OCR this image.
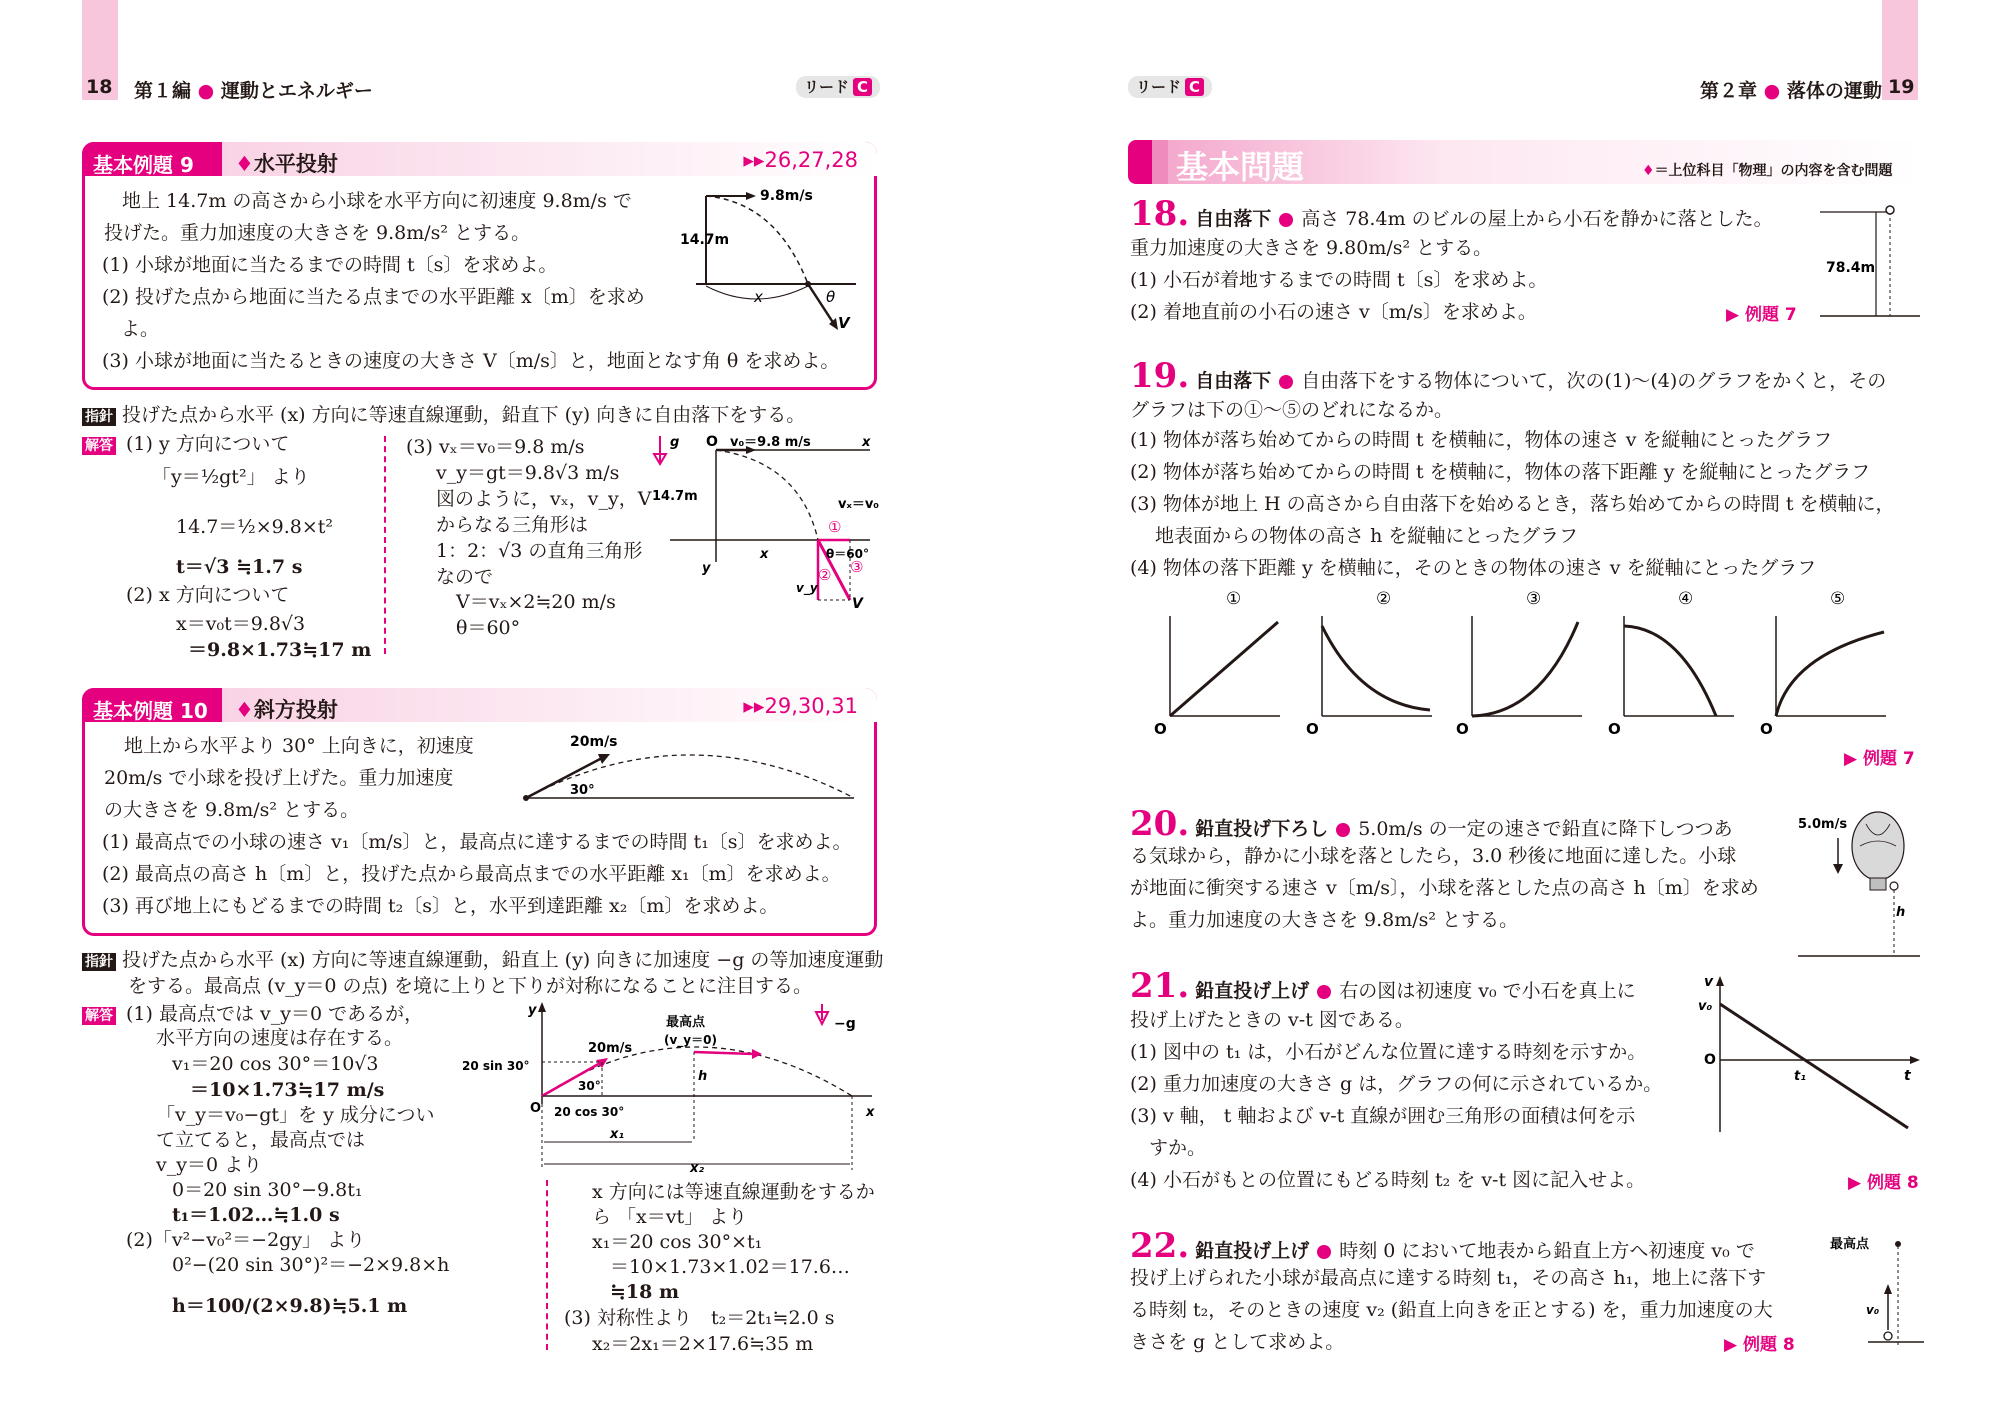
18 第１編 ● 運動とエネルギー	リード C
基本例題 9 ♦水平投射	▸▸26,27,28
地上 14.7m の高さから小球を水平方向に初速度 9.8m/s で
投げた。重力加速度の大きさを 9.8m/s² とする。
(1) 小球が地面に当たるまでの時間 t〔s〕を求めよ。
(2) 投げた点から地面に当たる点までの水平距離 x〔m〕を求め
　よ。
(3) 小球が地面に当たるときの速度の大きさ V〔m/s〕と，地面となす角 θ を求めよ。
9.8m/s
14.7m
x	θ
V
指針 投げた点から水平 (x) 方向に等速直線運動，鉛直下 (y) 向きに自由落下をする。
解答 (1) y 方向について
「y＝½gt²」 より
14.7＝½×9.8×t²
t＝√3 ≒1.7 s
(2) x 方向について
x＝v₀t＝9.8√3
＝9.8×1.73≒17 m
(3) vₓ＝v₀＝9.8 m/s
v_y＝gt＝9.8√3 m/s
図のように，vₓ，v_y，V
からなる三角形は
1：2：√3 の直角三角形
なので
V＝vₓ×2≒20 m/s
θ＝60°
g O v₀＝9.8 m/s	x
14.7m
y
x
vₓ＝v₀
①
② ③
θ＝60°
v_y
V
基本例題 10 ♦斜方投射	▸▸29,30,31
地上から水平より 30° 上向きに，初速度
20m/s で小球を投げ上げた。重力加速度
の大きさを 9.8m/s² とする。
(1) 最高点での小球の速さ v₁〔m/s〕と，最高点に達するまでの時間 t₁〔s〕を求めよ。
(2) 最高点の高さ h〔m〕と，投げた点から最高点までの水平距離 x₁〔m〕を求めよ。
(3) 再び地上にもどるまでの時間 t₂〔s〕と，水平到達距離 x₂〔m〕を求めよ。
20m/s
30°
指針 投げた点から水平 (x) 方向に等速直線運動，鉛直上 (y) 向きに加速度 −g の等加速度運動
をする。最高点 (v_y＝0 の点) を境に上りと下りが対称になることに注目する。
解答 (1) 最高点では v_y＝0 であるが，
水平方向の速度は存在する。
v₁＝20 cos 30°＝10√3
＝10×1.73≒17 m/s
「v_y＝v₀−gt」を y 成分につい
て立てると，最高点では
v_y＝0 より
0＝20 sin 30°−9.8t₁
t₁＝1.02…≒1.0 s
(2)「v²−v₀²＝−2gy」 より
0²−(20 sin 30°)²＝−2×9.8×h
h＝100/(2×9.8)≒5.1 m
x 方向には等速直線運動をするか
ら 「x＝vt」 より
x₁＝20 cos 30°×t₁
＝10×1.73×1.02＝17.6…
≒18 m
(3) 対称性より　t₂＝2t₁≒2.0 s
x₂＝2x₁＝2×17.6≒35 m
y
x
O
最高点
(v_y＝0)
−g
20m/s
20 sin 30°
20 cos 30°
30°
h
x₁
x₂
リード C	第２章 ● 落体の運動 19
基本問題	♦＝上位科目「物理」の内容を含む問題
18. 自由落下 高さ 78.4m のビルの屋上から小石を静かに落とした。
重力加速度の大きさを 9.80m/s² とする。
(1) 小石が着地するまでの時間 t〔s〕を求めよ。
(2) 着地直前の小石の速さ v〔m/s〕を求めよ。	▶ 例題 7
78.4m
19. 自由落下 自由落下をする物体について，次の(1)～(4)のグラフをかくと，その
グラフは下の①～⑤のどれになるか。
(1) 物体が落ち始めてからの時間 t を横軸に，物体の速さ v を縦軸にとったグラフ
(2) 物体が落ち始めてからの時間 t を横軸に，物体の落下距離 y を縦軸にとったグラフ
(3) 物体が地上 H の高さから自由落下を始めるとき，落ち始めてからの時間 t を横軸に，
　 地表面からの物体の高さ h を縦軸にとったグラフ
(4) 物体の落下距離 y を横軸に，そのときの物体の速さ v を縦軸にとったグラフ
①
O
②
O
③
O
④
O
⑤
O
▶ 例題 7
20. 鉛直投げ下ろし 5.0m/s の一定の速さで鉛直に降下しつつあ
る気球から，静かに小球を落としたら，3.0 秒後に地面に達した。小球
が地面に衝突する速さ v〔m/s〕，小球を落とした点の高さ h〔m〕を求め
よ。重力加速度の大きさを 9.8m/s² とする。
5.0m/s
h
21. 鉛直投げ上げ 右の図は初速度 v₀ で小石を真上に
投げ上げたときの v-t 図である。
(1) 図中の t₁ は，小石がどんな位置に達する時刻を示すか。
(2) 重力加速度の大きさ g は，グラフの何に示されているか。
(3) v 軸， t 軸および v-t 直線が囲む三角形の面積は何を示
　すか。
(4) 小石がもとの位置にもどる時刻 t₂ を v-t 図に記入せよ。	▶ 例題 8
v
v₀
O
t₁	t
22. 鉛直投げ上げ 時刻 0 において地表から鉛直上方へ初速度 v₀ で
投げ上げられた小球が最高点に達する時刻 t₁，その高さ h₁，地上に落下す
る時刻 t₂，そのときの速度 v₂ (鉛直上向きを正とする) を，重力加速度の大
きさを g として求めよ。	▶ 例題 8
最高点
v₀
